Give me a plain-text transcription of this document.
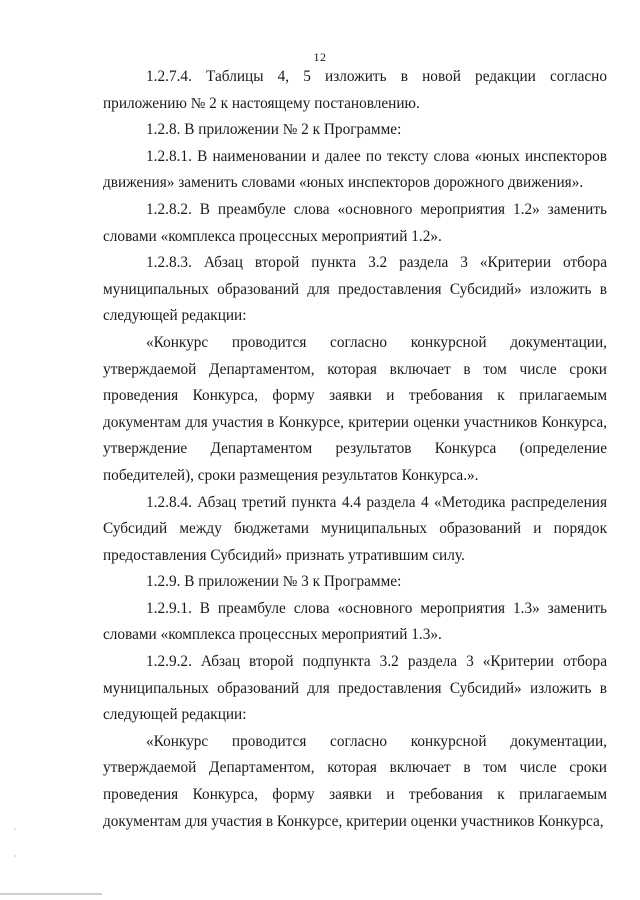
12

1.2.7.4. Таблицы 4, 5 изложить в новой редакции согласно приложению № 2 к настоящему постановлению.

1.2.8. В приложении № 2 к Программе:

1.2.8.1. В наименовании и далее по тексту слова «юных инспекторов движения» заменить словами «юных инспекторов дорожного движения».

1.2.8.2. В преамбуле слова «основного мероприятия 1.2» заменить словами «комплекса процессных мероприятий 1.2».

1.2.8.3. Абзац второй пункта 3.2 раздела 3 «Критерии отбора муниципальных образований для предоставления Субсидий» изложить в следующей редакции:

«Конкурс проводится согласно конкурсной документации, утверждаемой Департаментом, которая включает в том числе сроки проведения Конкурса, форму заявки и требования к прилагаемым документам для участия в Конкурсе, критерии оценки участников Конкурса, утверждение Департаментом результатов Конкурса (определение победителей), сроки размещения результатов Конкурса.».

1.2.8.4. Абзац третий пункта 4.4 раздела 4 «Методика распределения Субсидий между бюджетами муниципальных образований и порядок предоставления Субсидий» признать утратившим силу.

1.2.9. В приложении № 3 к Программе:

1.2.9.1. В преамбуле слова «основного мероприятия 1.3» заменить словами «комплекса процессных мероприятий 1.3».

1.2.9.2. Абзац второй подпункта 3.2 раздела 3 «Критерии отбора муниципальных образований для предоставления Субсидий» изложить в следующей редакции:

«Конкурс проводится согласно конкурсной документации, утверждаемой Департаментом, которая включает в том числе сроки проведения Конкурса, форму заявки и требования к прилагаемым документам для участия в Конкурсе, критерии оценки участников Конкурса,
